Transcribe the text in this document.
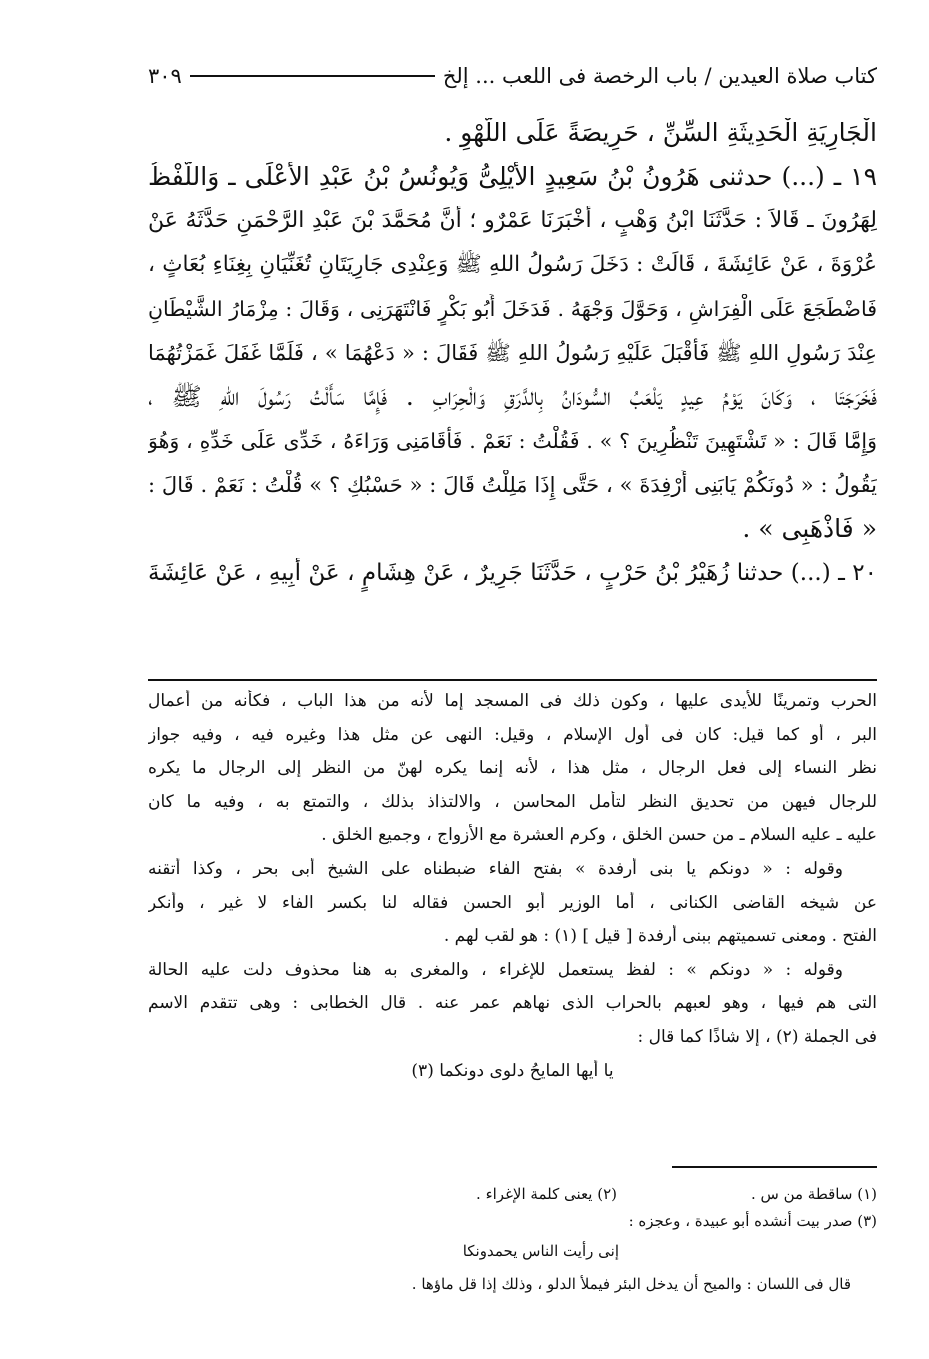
كتاب صلاة العيدين / باب الرخصة فى اللعب ... إلخ
٣٠٩
الْجَارِيَةِ الْحَدِيثَةِ السِّنِّ ، حَرِيصَةً عَلَى اللَّهْوِ .
١٩ ـ (...) حدثنى هَرُونُ بْنُ سَعِيدٍ الأَيْلِىُّ وَيُونُسُ بْنُ عَبْدِ الأَعْلَى ـ وَاللَّفْظُ
لِهَرُونَ ـ قَالاَ : حَدَّثَنَا ابْنُ وَهْبٍ ، أَخْبَرَنَا عَمْرٌو ؛ أَنَّ مُحَمَّدَ بْنَ عَبْدِ الرَّحْمَنِ حَدَّثَهُ عَنْ
عُرْوَةَ ، عَنْ عَائِشَةَ ، قَالَتْ : دَخَلَ رَسُولُ اللهِ ﷺ وَعِنْدِى جَارِيَتَانِ تُغَنِّيَانِ بِغِنَاءِ بُعَاثٍ ،
فَاضْطَجَعَ عَلَى الْفِرَاشِ ، وَحَوَّلَ وَجْهَهُ . فَدَخَلَ أَبُو بَكْرٍ فَانْتَهَرَنِى ، وَقَالَ : مِزْمَارُ الشَّيْطَانِ
عِنْدَ رَسُولِ اللهِ ﷺ فَأَقْبَلَ عَلَيْهِ رَسُولُ اللهِ ﷺ فَقَالَ : « دَعْهُمَا » ، فَلَمَّا غَفَلَ غَمَزْتُهُمَا
فَخَرَجَتَا ، وَكَانَ يَوْمُ عِيدٍ يَلْعَبُ السُّودَانُ بِالدَّرَقِ وَالْحِرَابِ . فَإِمَّا سَأَلْتُ رَسُولَ اللهِ ﷺ ،
وَإِمَّا قَالَ : « تَشْتَهِينَ تَنْظُرِينَ ؟ » . فَقُلْتُ : نَعَمْ . فَأَقَامَنِى وَرَاءَهُ ، خَدِّى عَلَى خَدِّهِ ، وَهُوَ
يَقُولُ : « دُونَكُمْ يَابَنِى أَرْفِدَةَ » ، حَتَّى إِذَا مَلِلْتُ قَالَ : « حَسْبُكِ ؟ » قُلْتُ : نَعَمْ . قَالَ :
« فَاذْهَبِى » .
٢٠ ـ (...) حدثنا زُهَيْرُ بْنُ حَرْبٍ ، حَدَّثَنَا جَرِيرٌ ، عَنْ هِشَامٍ ، عَنْ أَبِيهِ ، عَنْ عَائِشَةَ
الحرب وتمرينًا للأيدى عليها ، وكون ذلك فى المسجد إما لأنه من هذا الباب ، فكأنه من أعمال
البر ، أو كما قيل: كان فى أول الإسلام ، وقيل: النهى عن مثل هذا وغيره فيه ، وفيه جواز
نظر النساء إلى فعل الرجال ، مثل هذا ، لأنه إنما يكره لهنّ من النظر إلى الرجال ما يكره
للرجال فيهن من تحديق النظر لتأمل المحاسن ، والالتذاذ بذلك ، والتمتع به ، وفيه ما كان
عليه ـ عليه السلام ـ من حسن الخلق ، وكرم العشرة مع الأزواج ، وجميع الخلق .
وقوله : « دونكم يا بنى أرفدة » بفتح الفاء ضبطناه على الشيخ أبى بحر ، وكذا أتقنه
عن شيخه القاضى الكنانى ، أما الوزير أبو الحسن فقاله لنا بكسر الفاء لا غير ، وأنكر
الفتح . ومعنى تسميتهم ببنى أرفدة [ قيل ] (١) : هو لقب لهم .
وقوله : « دونكم » : لفظ يستعمل للإغراء ، والمغرى به هنا محذوف دلت عليه الحالة
التى هم فيها ، وهو لعبهم بالحراب الذى نهاهم عمر عنه . قال الخطابى : وهى تتقدم الاسم
فى الجملة (٢) ، إلا شاذًا كما قال :
يا أيها المايحُ دلوى دونكما (٣)
(١) ساقطة من س .
(٢) يعنى كلمة الإغراء .
(٣) صدر بيت أنشده أبو عبيدة ، وعجزه :
إنى رأيت الناس يحمدونكا
قال فى اللسان : والميح أن يدخل البئر فيملأ الدلو ، وذلك إذا قل ماؤها .
